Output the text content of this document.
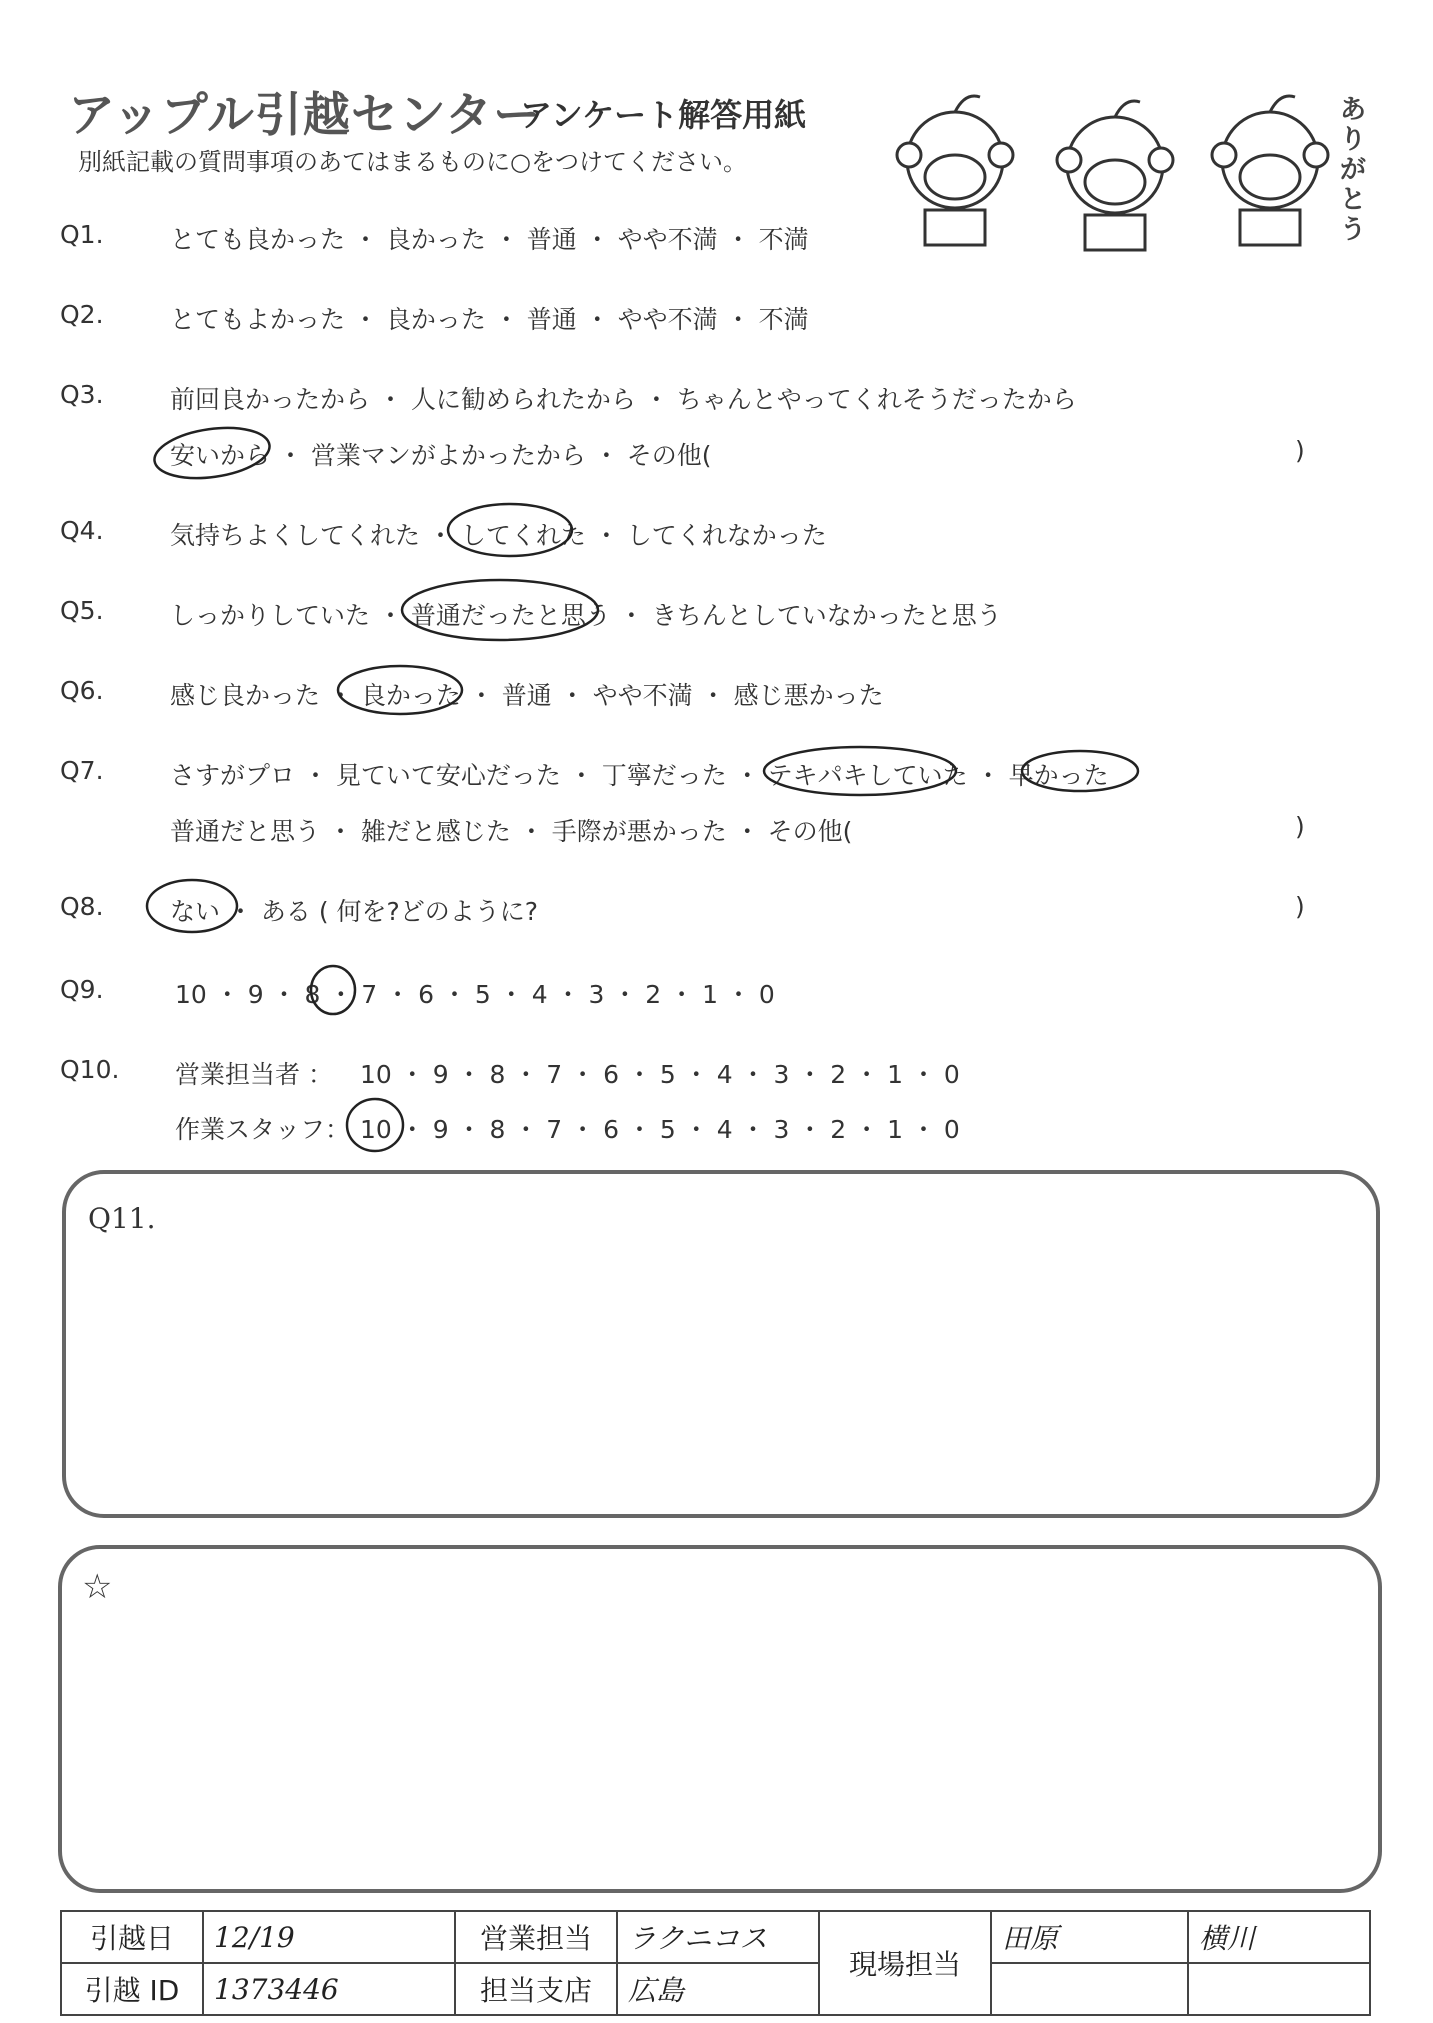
アップル引越センター
アンケート解答用紙
別紙記載の質問事項のあてはまるものに○をつけてください。
ありがとう
Q1.	とても良かった ・ 良かった ・ 普通 ・ やや不満 ・ 不満
Q2.	とてもよかった ・ 良かった ・ 普通 ・ やや不満 ・ 不満
Q3.	前回良かったから ・ 人に勧められたから ・ ちゃんとやってくれそうだったから
安いから ・ 営業マンがよかったから ・ その他(	)
Q4.	気持ちよくしてくれた ・ してくれた ・ してくれなかった
Q5.	しっかりしていた ・ 普通だったと思う ・ きちんとしていなかったと思う
Q6.	感じ良かった ・ 良かった ・ 普通 ・ やや不満 ・ 感じ悪かった
Q7.	さすがプロ ・ 見ていて安心だった ・ 丁寧だった ・ テキパキしていた ・ 早かった
普通だと思う ・ 雑だと感じた ・ 手際が悪かった ・ その他(	)
Q8.	ない ・ ある ( 何を?どのように?	)
Q9.	10 ・ 9 ・ 8 ・ 7 ・ 6 ・ 5 ・ 4 ・ 3 ・ 2 ・ 1 ・ 0
Q10. 営業担当者 ： 10 ・ 9 ・ 8 ・ 7 ・ 6 ・ 5 ・ 4 ・ 3 ・ 2 ・ 1 ・ 0
作業スタッフ： 10 ・ 9 ・ 8 ・ 7 ・ 6 ・ 5 ・ 4 ・ 3 ・ 2 ・ 1 ・ 0
Q11.
☆
引越日	12/19	営業担当	ラクニコス	現場担当	田原	横川
引越 ID	1373446	担当支店	広島			
